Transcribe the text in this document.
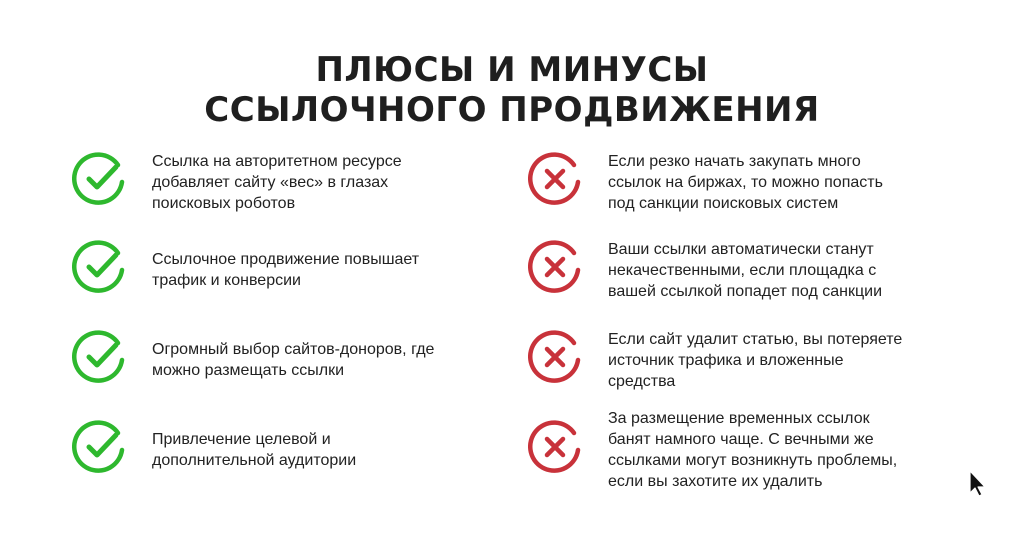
ПЛЮСЫ И МИНУСЫ
ССЫЛОЧНОГО ПРОДВИЖЕНИЯ
Ссылка на авторитетном ресурсе
добавляет сайту «вес» в глазах
поисковых роботов
Ссылочное продвижение повышает
трафик и конверсии
Огромный выбор сайтов-доноров, где
можно размещать ссылки
Привлечение целевой и
дополнительной аудитории
Если резко начать закупать много
ссылок на биржах, то можно попасть
под санкции поисковых систем
Ваши ссылки автоматически станут
некачественными, если площадка с
вашей ссылкой попадет под санкции
Если сайт удалит статью, вы потеряете
источник трафика и вложенные
средства
За размещение временных ссылок
банят намного чаще. С вечными же
ссылками могут возникнуть проблемы,
если вы захотите их удалить
